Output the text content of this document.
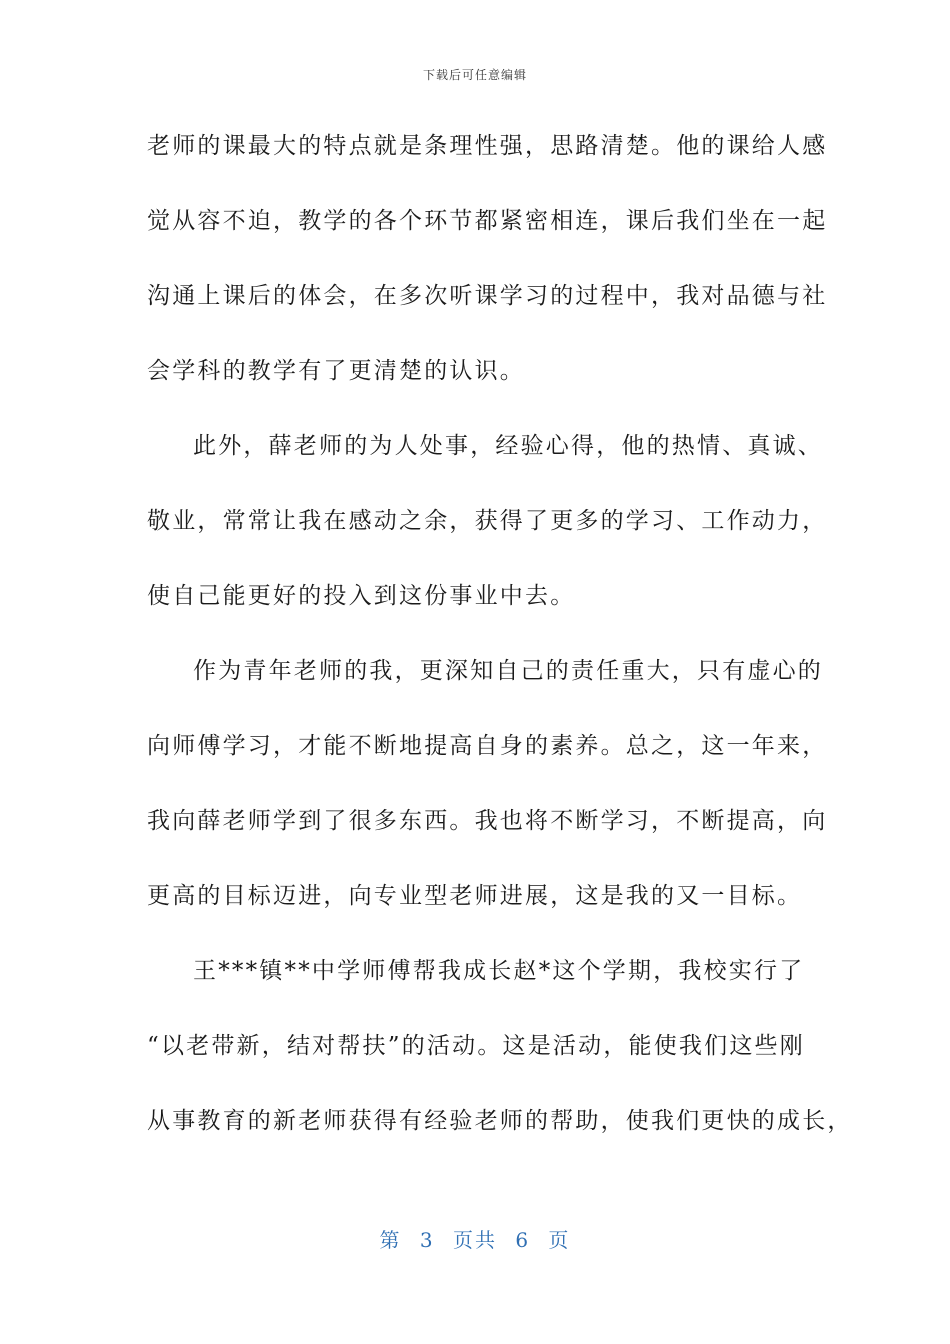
下载后可任意编辑
老师的课最大的特点就是条理性强，思路清楚。他的课给人感
觉从容不迫，教学的各个环节都紧密相连，课后我们坐在一起
沟通上课后的体会，在多次听课学习的过程中，我对品德与社
会学科的教学有了更清楚的认识。
此外，薛老师的为人处事，经验心得，他的热情、真诚、
敬业，常常让我在感动之余，获得了更多的学习、工作动力，
使自己能更好的投入到这份事业中去。
作为青年老师的我，更深知自己的责任重大，只有虚心的
向师傅学习，才能不断地提高自身的素养。总之，这一年来，
我向薛老师学到了很多东西。我也将不断学习，不断提高，向
更高的目标迈进，向专业型老师进展，这是我的又一目标。
王***镇**中学师傅帮我成长赵*这个学期，我校实行了
“以老带新，结对帮扶”的活动。这是活动，能使我们这些刚
从事教育的新老师获得有经验老师的帮助，使我们更快的成长，
第 3 页共 6 页
